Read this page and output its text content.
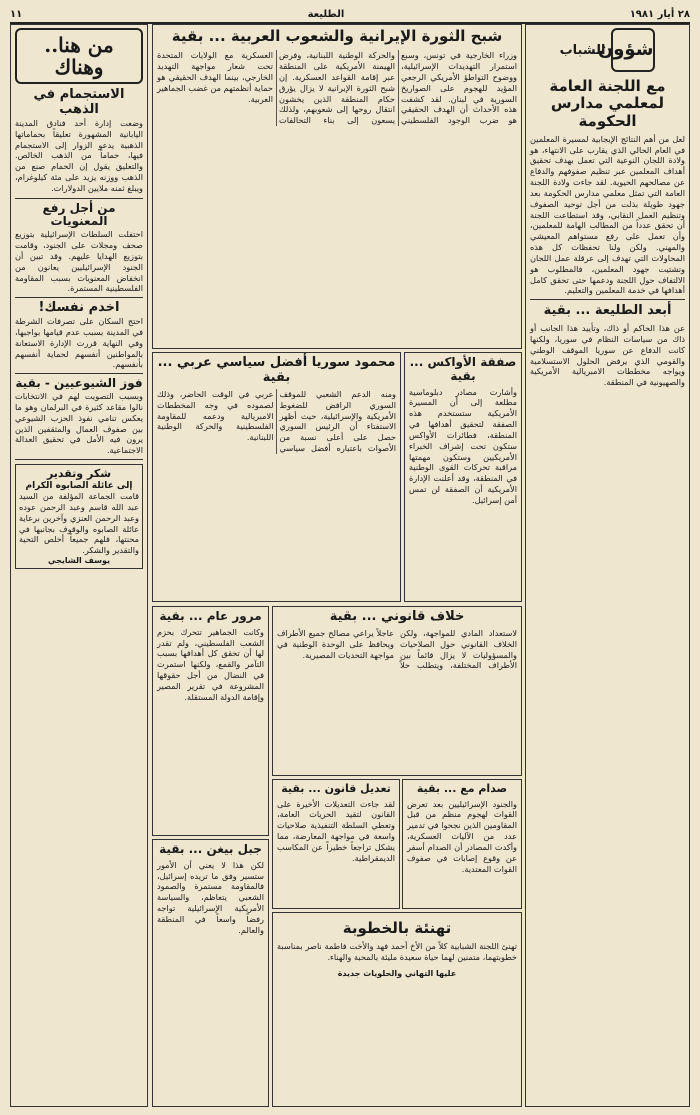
٢٨ أيار ١٩٨١
الطليعة
١١
شؤون
الشباب
مع اللجنة العامة لمعلمي مدارس الحكومة

لعل من أهم النتائج الإيجابية لمسيرة المعلمين في العام الحالي الذي يقارب على الانتهاء، هو ولادة اللجان النوعية التي تعمل بهدف تحقيق أهداف المعلمين عبر تنظيم صفوفهم والدفاع عن مصالحهم الحيوية. لقد جاءت ولادة اللجنة العامة التي تمثل معلمي مدارس الحكومة بعد جهود طويلة بذلت من أجل توحيد الصفوف وتنظيم العمل النقابي، وقد استطاعت اللجنة أن تحقق عدداً من المطالب الهامة للمعلمين، وأن تعمل على رفع مستواهم المعيشي والمهني. ولكن ولنا تحفظات كل هذه المحاولات التي تهدف إلى عرقلة عمل اللجان وتشتيت جهود المعلمين، فالمطلوب هو الالتفاف حول اللجنة ودعمها حتى تحقق كامل أهدافها في خدمة المعلمين والتعليم.

أبعد الطليعة ... بقية

عن هذا الحاكم أو ذاك، وتأييد هذا الجانب أو ذاك من سياسات النظام في سوريا، ولكنها كانت الدفاع عن سوريا الموقف الوطني والقومي الذي يرفض الحلول الاستسلامية ويواجه مخططات الامبريالية الأمريكية والصهيونية في المنطقة.

شبح الثورة الإيرانية والشعوب العربية ... بقية

وزراء الخارجية في تونس، وسبع استمرار التهديدات الإسرائيلية، ووضوح التواطؤ الأمريكي الرجعي المؤيد للهجوم على الصواريخ السورية في لبنان. لقد كشفت هذه الأحداث أن الهدف الحقيقي هو ضرب الوجود الفلسطيني والحركة الوطنية اللبنانية، وفرض الهيمنة الأمريكية على المنطقة عبر إقامة القواعد العسكرية. إن شبح الثورة الإيرانية لا يزال يؤرق حكام المنطقة الذين يخشون انتقال روحها إلى شعوبهم، ولذلك يسعون إلى بناء التحالفات العسكرية مع الولايات المتحدة تحت شعار مواجهة التهديد الخارجي، بينما الهدف الحقيقي هو حماية أنظمتهم من غضب الجماهير العربية.

من هنا..
وهناك
الاستجمام في الذهب

وضعت إدارة أحد فنادق المدينة اليابانية المشهورة تعليقاً بحماماتها الذهبية يدعو الزوار إلى الاستجمام فيها، حماماً من الذهب الخالص. والتعليق يقول إن الحمام صنع من الذهب ووزنه يزيد على مئة كيلوغرام، ويبلغ ثمنه ملايين الدولارات.

من أجل رفع المعنويات

احتفلت السلطات الإسرائيلية بتوزيع صحف ومجلات على الجنود، وقامت بتوزيع الهدايا عليهم. وقد تبين أن الجنود الإسرائيليين يعانون من انخفاض المعنويات بسبب المقاومة الفلسطينية المستمرة.

اخدم نفسك!

احتج السكان على تصرفات الشرطة في المدينة بسبب عدم قيامها بواجبها، وفي النهاية قررت الإدارة الاستعانة بالمواطنين أنفسهم لحماية أنفسهم بأنفسهم.

فوز الشيوعيين - بقية

وبسبب التصويت لهم في الانتخابات نالوا مقاعد كثيرة في البرلمان وهو ما يعكس تنامي نفوذ الحزب الشيوعي بين صفوف العمال والمثقفين الذين يرون فيه الأمل في تحقيق العدالة الاجتماعية.

شكر وتقدير
إلى عائلة الصابوه الكرام

قامت الجماعة المؤلفة من السيد عبد الله قاسم وعبد الرحمن عوده وعبد الرحمن العنزي وآخرين برعاية عائلة الصابوه والوقوف بجانبها في محنتها، فلهم جميعاً أخلص التحية والتقدير والشكر.

يوسف الشايجي
صفقة الأواكس ... بقية

وأشارت مصادر دبلوماسية مطلعة إلى أن المسيرة الأمريكية ستستخدم هذه الصفقة لتحقيق أهدافها في المنطقة، فطائرات الأواكس ستكون تحت إشراف الخبراء الأمريكيين وستكون مهمتها مراقبة تحركات القوى الوطنية في المنطقة، وقد أعلنت الإدارة الأمريكية أن الصفقة لن تمس أمن إسرائيل.

محمود سوريا أفضل سياسي عربي ... بقية

ومنه الدعم الشعبي للموقف السوري الرافض للضغوط الأمريكية والإسرائيلية، حيث أظهر الاستفتاء أن الرئيس السوري حصل على أعلى نسبة من الأصوات باعتباره أفضل سياسي عربي في الوقت الحاضر، وذلك لصموده في وجه المخططات الامبريالية ودعمه للمقاومة الفلسطينية والحركة الوطنية اللبنانية.

خلاف قانوني ... بقية

لاستعداد المادي للمواجهة، ولكن الخلاف القانوني حول الصلاحيات والمسؤوليات لا يزال قائماً بين الأطراف المختلفة، ويتطلب حلاً عاجلاً يراعي مصالح جميع الأطراف ويحافظ على الوحدة الوطنية في مواجهة التحديات المصيرية.

مرور عام ... بقية

وكانت الجماهير تتحرك بحزم الشعب الفلسطيني، ولم تقدر لها أن تحقق كل أهدافها بسبب التآمر والقمع، ولكنها استمرت في النضال من أجل حقوقها المشروعة في تقرير المصير وإقامة الدولة المستقلة.

تعديل قانون ... بقية

لقد جاءت التعديلات الأخيرة على القانون لتقيد الحريات العامة، وتعطي السلطة التنفيذية صلاحيات واسعة في مواجهة المعارضة، مما يشكل تراجعاً خطيراً عن المكاسب الديمقراطية.

صدام مع ... بقية

والجنود الإسرائيليين بعد تعرض القوات لهجوم منظم من قبل المقاومين الذين نجحوا في تدمير عدد من الآليات العسكرية، وأكدت المصادر أن الصدام أسفر عن وقوع إصابات في صفوف القوات المعتدية.

جبل بيغن ... بقية

لكن هذا لا يعني أن الأمور ستسير وفق ما تريده إسرائيل، فالمقاومة مستمرة والصمود الشعبي يتعاظم، والسياسة الأمريكية الإسرائيلية تواجه رفضاً واسعاً في المنطقة والعالم.	تهنئة بالخطوبة

تهنئ اللجنة الشبابية كلاً من الأخ أحمد فهد والأخت فاطمة ناصر بمناسبة خطوبتهما، متمنين لهما حياة سعيدة مليئة بالمحبة والهناء.

عليها التهاني والحلويات جديدة
